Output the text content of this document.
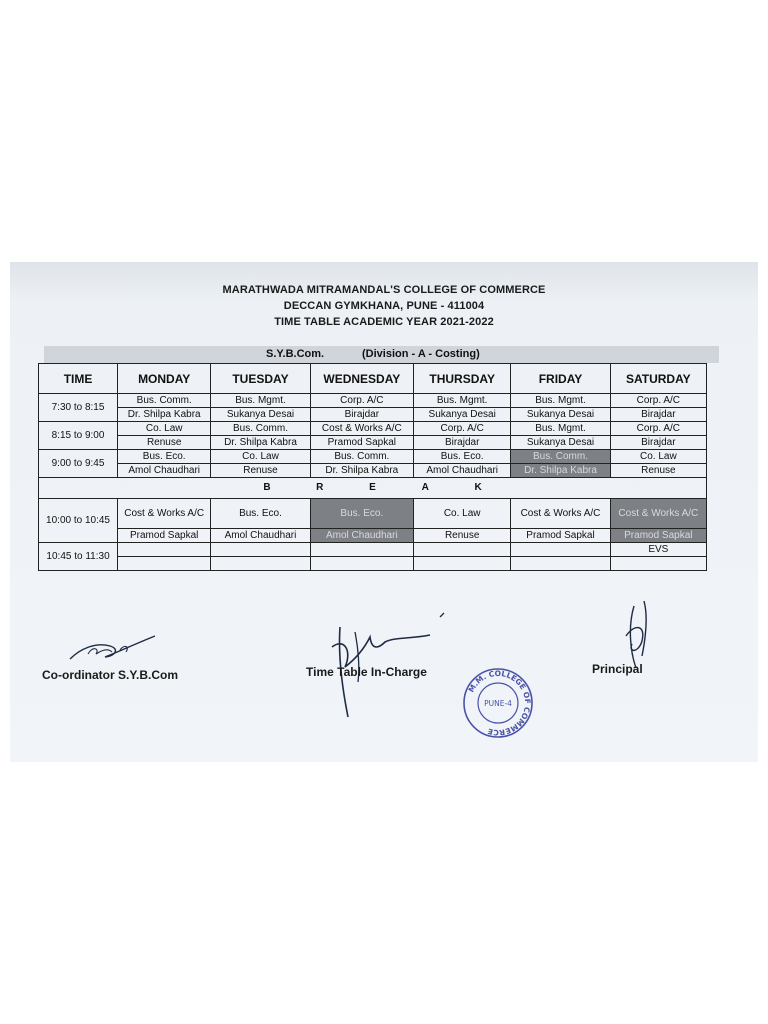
MARATHWADA MITRAMANDAL'S COLLEGE OF COMMERCE
DECCAN GYMKHANA, PUNE - 411004
TIME TABLE ACADEMIC YEAR 2021-2022
S.Y.B.Com.	(Division - A - Costing)
TIME	MONDAY	TUESDAY	WEDNESDAY	THURSDAY	FRIDAY	SATURDAY
7:30 to 8:15	Bus. Comm.	Bus. Mgmt.	Corp. A/C	Bus. Mgmt.	Bus. Mgmt.	Corp. A/C
	Dr. Shilpa Kabra	Sukanya Desai	Birajdar	Sukanya Desai	Sukanya Desai	Birajdar
8:15 to 9:00	Co. Law	Bus. Comm.	Cost & Works A/C	Corp. A/C	Bus. Mgmt.	Corp. A/C
	Renuse	Dr. Shilpa Kabra	Pramod Sapkal	Birajdar	Sukanya Desai	Birajdar
9:00 to 9:45	Bus. Eco.	Co. Law	Bus. Comm.	Bus. Eco.	Bus. Comm.	Co. Law
	Amol Chaudhari	Renuse	Dr. Shilpa Kabra	Amol Chaudhari	Dr. Shilpa Kabra	Renuse
B R E A K						
10:00 to 10:45	Cost & Works A/C	Bus. Eco.	Bus. Eco.	Co. Law	Cost & Works A/C	Cost & Works A/C
	Pramod Sapkal	Amol Chaudhari	Amol Chaudhari	Renuse	Pramod Sapkal	Pramod Sapkal
10:45 to 11:30						EVS

Co-ordinator S.Y.B.Com	Time Table In-Charge	Principal
M.M. COLLEGE OF COMMERCE
PUNE-4
